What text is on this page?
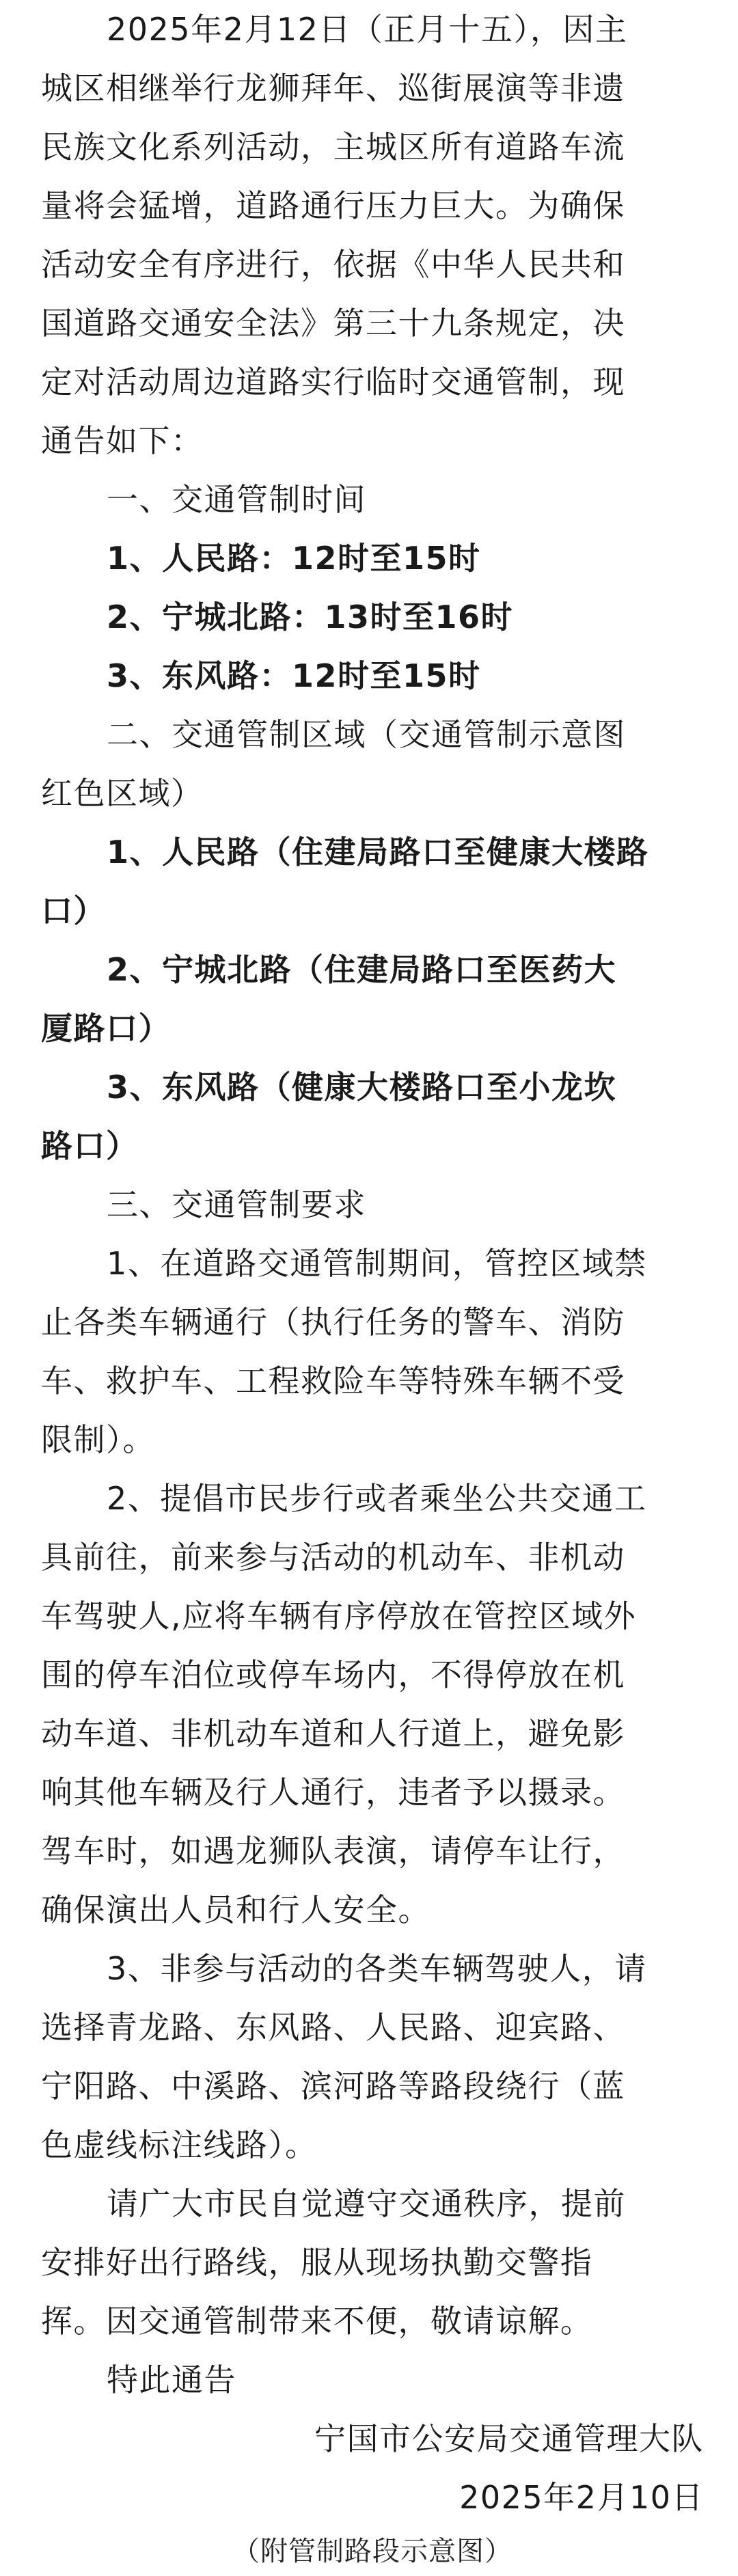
2025年2月12日（正月十五），因主
城区相继举行龙狮拜年、巡街展演等非遗
民族文化系列活动，主城区所有道路车流
量将会猛增，道路通行压力巨大。为确保
活动安全有序进行，依据《中华人民共和
国道路交通安全法》第三十九条规定，决
定对活动周边道路实行临时交通管制，现
通告如下：
一、交通管制时间
1、人民路：12时至15时
2、宁城北路：13时至16时
3、东风路：12时至15时
二、交通管制区域（交通管制示意图
红色区域）
1、人民路（住建局路口至健康大楼路
口）
2、宁城北路（住建局路口至医药大
厦路口）
3、东风路（健康大楼路口至小龙坎
路口）
三、交通管制要求
1、在道路交通管制期间，管控区域禁
止各类车辆通行（执行任务的警车、消防
车、救护车、工程救险车等特殊车辆不受
限制）。
2、提倡市民步行或者乘坐公共交通工
具前往，前来参与活动的机动车、非机动
车驾驶人,应将车辆有序停放在管控区域外
围的停车泊位或停车场内，不得停放在机
动车道、非机动车道和人行道上，避免影
响其他车辆及行人通行，违者予以摄录。
驾车时，如遇龙狮队表演，请停车让行，
确保演出人员和行人安全。
3、非参与活动的各类车辆驾驶人，请
选择青龙路、东风路、人民路、迎宾路、
宁阳路、中溪路、滨河路等路段绕行（蓝
色虚线标注线路）。
请广大市民自觉遵守交通秩序，提前
安排好出行路线，服从现场执勤交警指
挥。因交通管制带来不便，敬请谅解。
特此通告
宁国市公安局交通管理大队
2025年2月10日
（附管制路段示意图）
